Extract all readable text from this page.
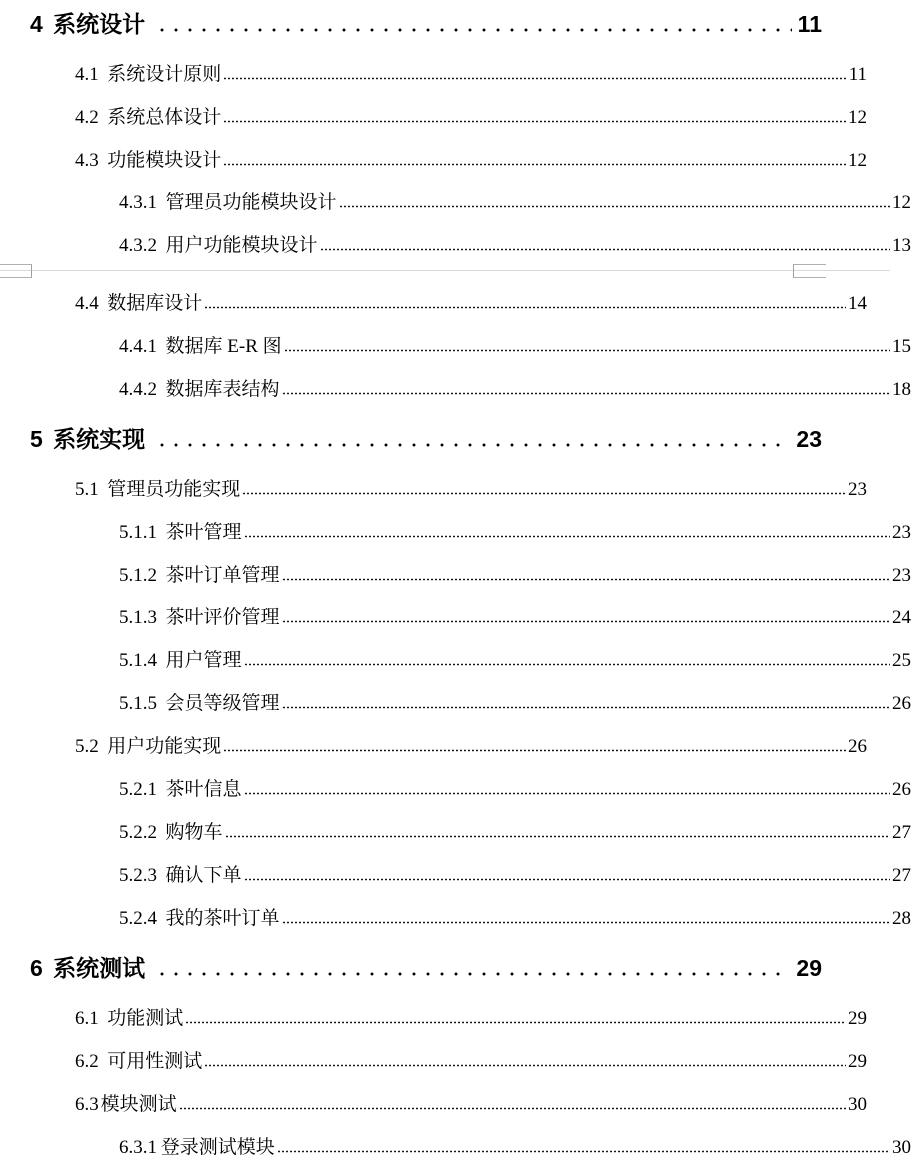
4 系统设计	11
4.1 系统设计原则	11
4.2 系统总体设计	12
4.3 功能模块设计	12
4.3.1 管理员功能模块设计	12
4.3.2 用户功能模块设计	13
4.4 数据库设计	14
4.4.1 数据库 E-R 图	15
4.4.2 数据库表结构	18
5 系统实现	23
5.1 管理员功能实现	23
5.1.1 茶叶管理	23
5.1.2 茶叶订单管理	23
5.1.3 茶叶评价管理	24
5.1.4 用户管理	25
5.1.5 会员等级管理	26
5.2 用户功能实现	26
5.2.1 茶叶信息	26
5.2.2 购物车	27
5.2.3 确认下单	27
5.2.4 我的茶叶订单	28
6 系统测试	29
6.1 功能测试	29
6.2 可用性测试	29
6.3模块测试	30
6.3.1 登录测试模块	30
